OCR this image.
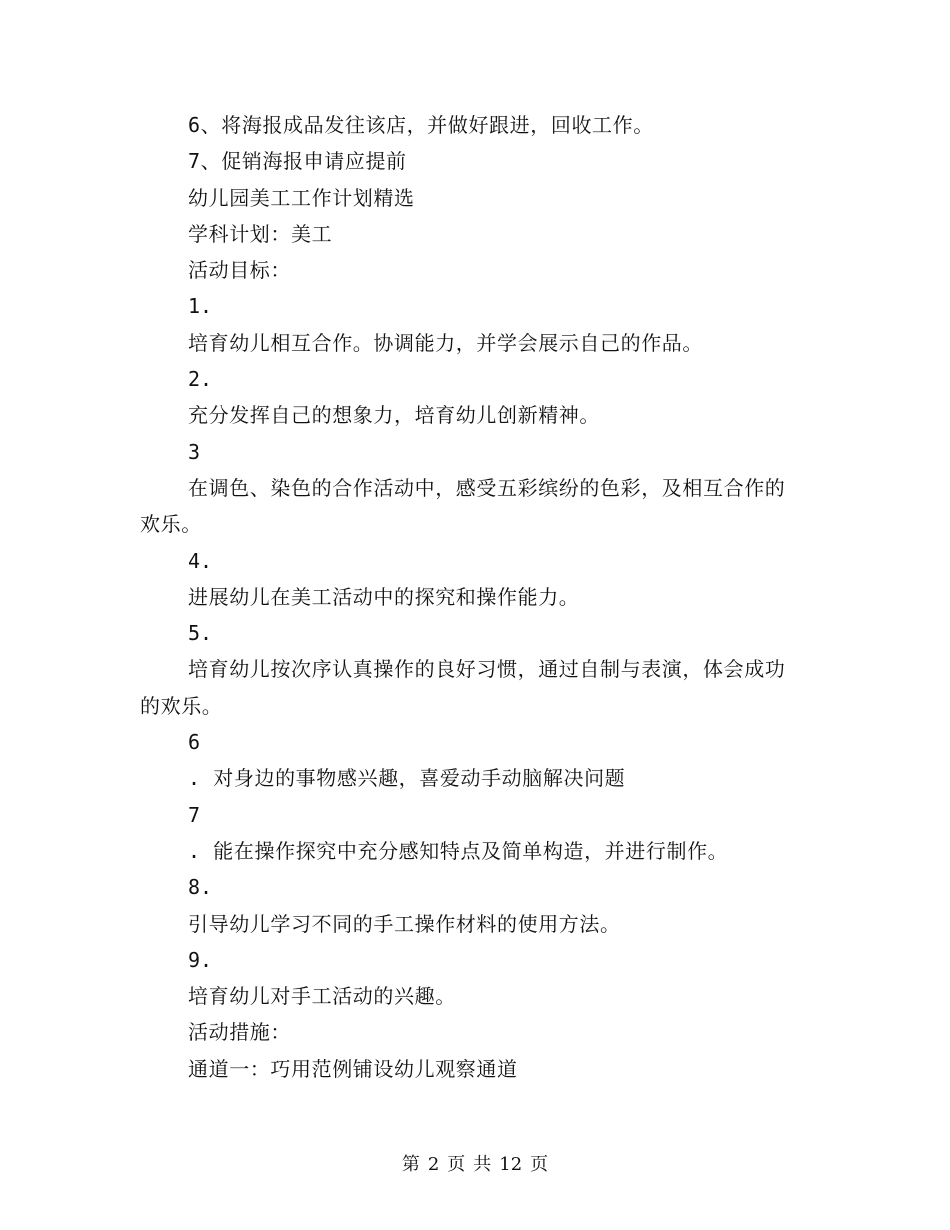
6、将海报成品发往该店，并做好跟进，回收工作。
7、促销海报申请应提前
幼儿园美工工作计划精选
学科计划：美工
活动目标：
1.
培育幼儿相互合作。协调能力，并学会展示自己的作品。
2.
充分发挥自己的想象力，培育幼儿创新精神。
3
在调色、染色的合作活动中，感受五彩缤纷的色彩，及相互合作的欢乐。
4.
进展幼儿在美工活动中的探究和操作能力。
5.
培育幼儿按次序认真操作的良好习惯，通过自制与表演，体会成功的欢乐。
6
. 对身边的事物感兴趣，喜爱动手动脑解决问题
7
. 能在操作探究中充分感知特点及简单构造，并进行制作。
8.
引导幼儿学习不同的手工操作材料的使用方法。
9.
培育幼儿对手工活动的兴趣。
活动措施：
通道一：巧用范例铺设幼儿观察通道
第 2 页 共 12 页
